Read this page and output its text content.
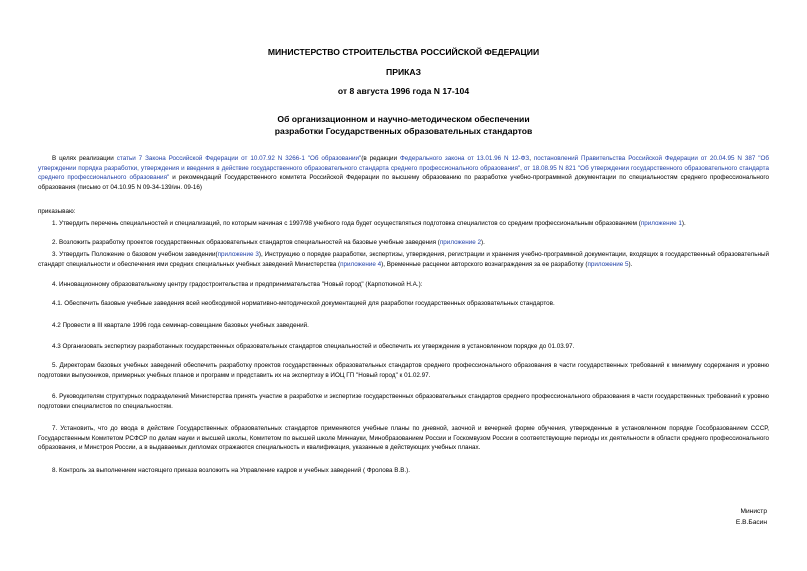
МИНИСТЕРСТВО СТРОИТЕЛЬСТВА РОССИЙСКОЙ ФЕДЕРАЦИИ
ПРИКАЗ
от 8 августа 1996 года N 17-104
Об организационном и научно-методическом обеспечении
разработки Государственных образовательных стандартов
В целях реализации статьи 7 Закона Российской Федерации от 10.07.92 N 3266-1 "Об образовании"(в редакции Федерального закона от 13.01.96 N 12-ФЗ, постановлений Правительства Российской Федерации от 20.04.95 N 387 "Об утверждении порядка разработки, утверждения и введения в действие государственного образовательного стандарта среднего профессионального образования", от 18.08.95 N 821 "Об утверждении государственного образовательного стандарта среднего профессионального образования" и рекомендаций Государственного комитета Российской Федерации по высшему образованию по разработке учебно-программной документации по специальностям среднего профессионального образования (письмо от 04.10.95 N 09-34-139/ин. 09-16)
приказываю:
1. Утвердить перечень специальностей и специализаций, по которым начиная с 1997/98 учебного года будет осуществляться подготовка специалистов со средним профессиональным образованием (приложение 1).
2. Возложить разработку проектов государственных образовательных стандартов специальностей на базовые учебные заведения (приложение 2).
3. Утвердить Положение о базовом учебном заведении(приложение 3), Инструкцию о порядке разработки, экспертизы, утверждения, регистрации и хранения учебно-программной документации, входящих в государственный образовательный стандарт специальности и обеспечения ими средних специальных учебных заведений Министерства (приложение 4), Временные расценки авторского вознаграждения за ее разработку (приложение 5).
4. Инновационному образовательному центру градостроительства и предпринимательства "Новый город" (Карпоткиной Н.А.):
4.1. Обеспечить базовые учебные заведения всей необходимой нормативно-методической документацией для разработки государственных образовательных стандартов.
4.2 Провести в III квартале 1996 года семинар-совещание базовых учебных заведений.
4.3 Организовать экспертизу разработанных государственных образовательных стандартов специальностей и обеспечить их утверждение в установленном порядке до 01.03.97.
5. Директорам базовых учебных заведений обеспечить разработку проектов государственных образовательных стандартов среднего профессионального образования в части государственных требований к минимуму содержания и уровню подготовки выпускников, примерных учебных планов и программ и представить их на экспертизу в ИОЦ ГП "Новый город" к 01.02.97.
6. Руководителям структурных подразделений Министерства принять участие в разработке и экспертизе государственных образовательных стандартов среднего профессионального образования в части государственных требований к уровню подготовки специалистов по специальностям.
7. Установить, что до ввода в действие Государственных образовательных стандартов применяются учебные планы по дневной, заочной и вечерней форме обучения, утвержденные в установленном порядке Гособразованием СССР, Государственным Комитетом РСФСР по делам науки и высшей школы, Комитетом по высшей школе Миннауки, Минобразованием России и Госкомвузом России в соответствующие периоды их деятельности в области среднего профессионального образования, и Минстроя России, а в выдаваемых дипломах отражаются специальность и квалификация, указанные в действующих учебных планах.
8. Контроль за выполнением настоящего приказа возложить на Управление кадров и учебных заведений ( Фролова В.В.).
Министр
Е.В.Басин
